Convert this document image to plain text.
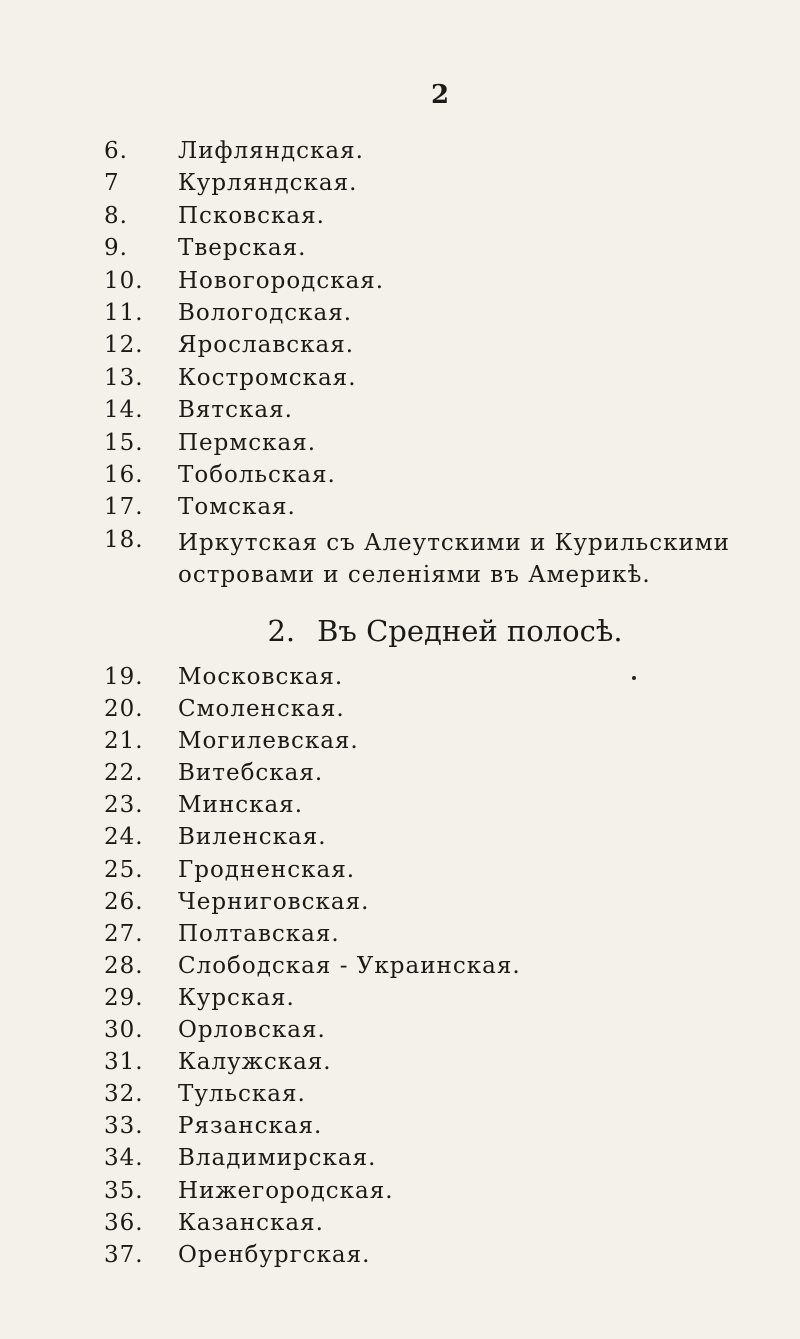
2
6.	Лифляндская.
7	Курляндская.
8.	Псковская.
9.	Тверская.
10.	Новогородская.
11.	Вологодская.
12.	Ярославская.
13.	Костромская.
14.	Вятская.
15.	Пермская.
16.	Тобольская.
17.	Томская.
18.	Иркутская съ Алеутскими и Курильскими островами и селеніями въ Америкѣ.
2. Въ Средней полосѣ.
19.	Московская.
20.	Смоленская.
21.	Могилевская.
22.	Витебская.
23.	Минская.
24.	Виленская.
25.	Гродненская.
26.	Черниговская.
27.	Полтавская.
28.	Слободская - Украинская.
29.	Курская.
30.	Орловская.
31.	Калужская.
32.	Тульская.
33.	Рязанская.
34.	Владимирская.
35.	Нижегородская.
36.	Казанская.
37.	Оренбургская.
